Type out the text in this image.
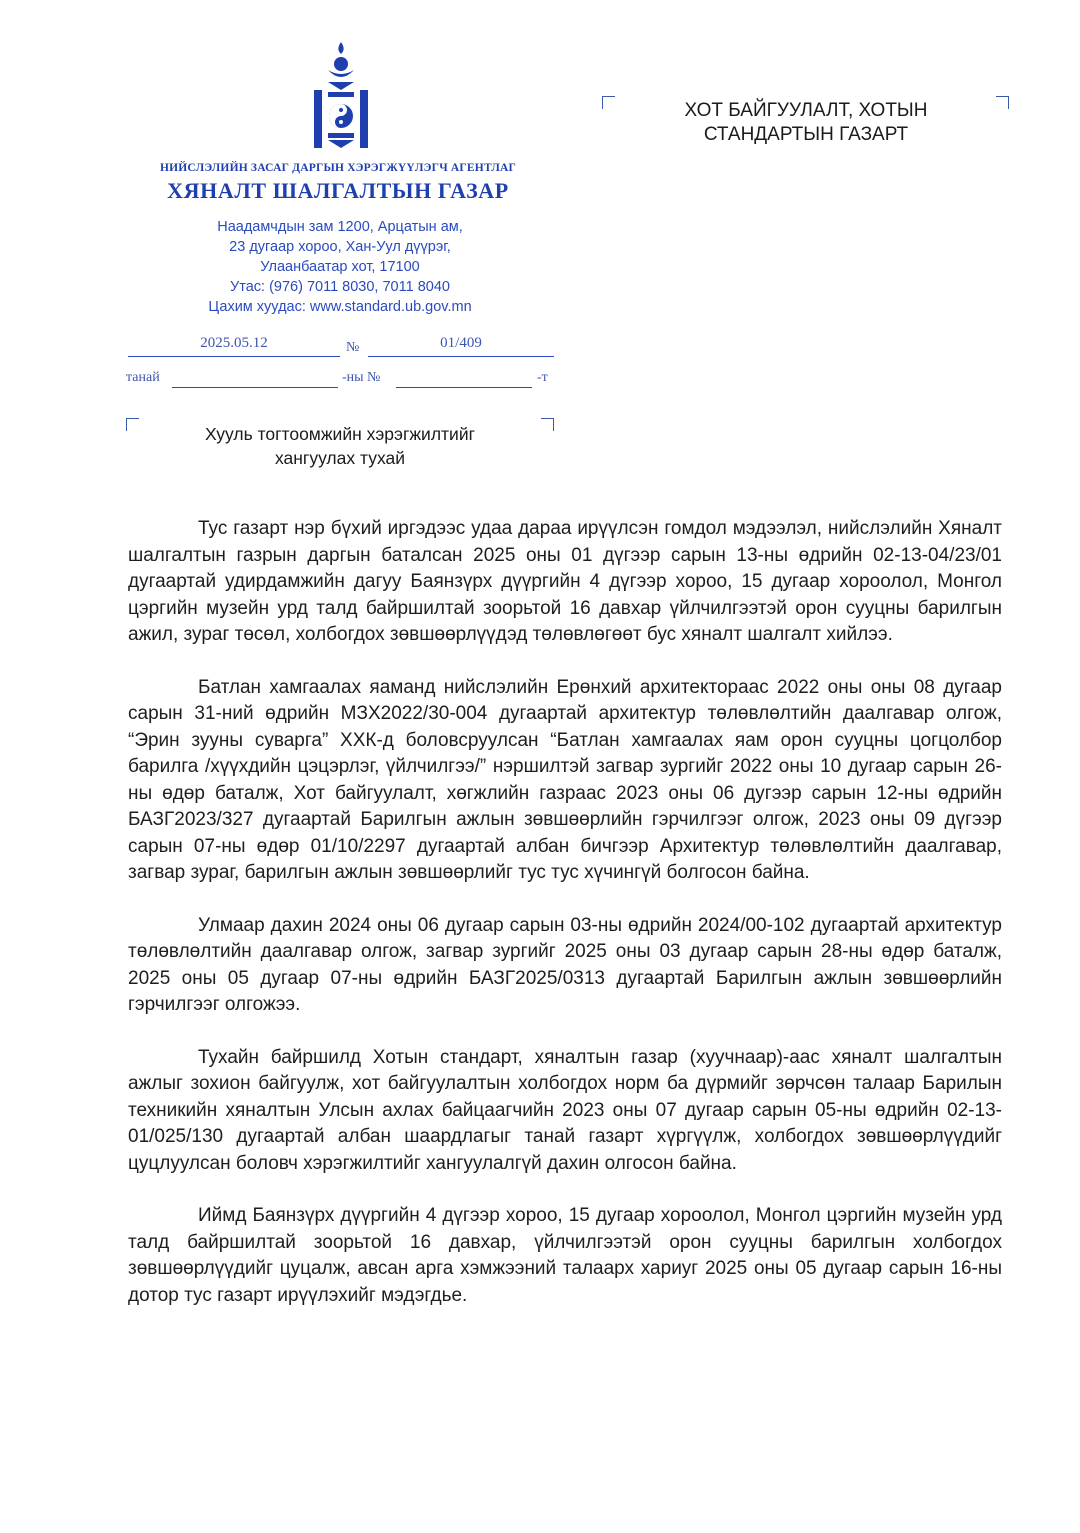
НИЙСЛЭЛИЙН ЗАСАГ ДАРГЫН ХЭРЭГЖҮҮЛЭГЧ АГЕНТЛАГ
ХЯНАЛТ ШАЛГАЛТЫН ГАЗАР
Наадамчдын зам 1200, Арцатын ам,
23 дугаар хороо, Хан-Уул дүүрэг,
Улаанбаатар хот, 17100
Утас: (976) 7011 8030, 7011 8040
Цахим хуудас: www.standard.ub.gov.mn
2025.05.12	№	01/409
танай	-ны №	-т
ХОТ БАЙГУУЛАЛТ, ХОТЫН
СТАНДАРТЫН ГАЗАРТ
Хууль тогтоомжийн хэрэгжилтийг
хангуулах тухай

Тус газарт нэр бүхий иргэдээс удаа дараа ирүүлсэн гомдол мэдээлэл, нийслэлийн Хяналт шалгалтын газрын даргын баталсан 2025 оны 01 дүгээр сарын 13-ны өдрийн 02-13-04/23/01 дугаартай удирдамжийн дагуу Баянзүрх дүүргийн 4 дүгээр хороо, 15 дугаар хороолол, Монгол цэргийн музейн урд талд байршилтай зоорьтой 16 давхар үйлчилгээтэй орон сууцны барилгын ажил, зураг төсөл, холбогдох зөвшөөрлүүдэд төлөвлөгөөт бус хяналт шалгалт хийлээ.

Батлан хамгаалах яаманд нийслэлийн Ерөнхий архитектораас 2022 оны оны 08 дугаар сарын 31-ний өдрийн МЗХ2022/30-004 дугаартай архитектур төлөвлөлтийн даалгавар олгож, “Эрин зууны суварга” ХХК-д боловсруулсан “Батлан хамгаалах яам орон сууцны цогцолбор барилга /хүүхдийн цэцэрлэг, үйлчилгээ/” нэршилтэй загвар зургийг 2022 оны 10 дугаар сарын 26-ны өдөр баталж, Хот байгуулалт, хөгжлийн газраас 2023 оны 06 дугээр сарын 12-ны өдрийн БАЗГ2023/327 дугаартай Барилгын ажлын зөвшөөрлийн гэрчилгээг олгож, 2023 оны 09 дүгээр сарын 07-ны өдөр 01/10/2297 дугаартай албан бичгээр Архитектур төлөвлөлтийн даалгавар, загвар зураг, барилгын ажлын зөвшөөрлийг тус тус хүчингүй болгосон байна.

Улмаар дахин 2024 оны 06 дугаар сарын 03-ны өдрийн 2024/00-102 дугаартай архитектур төлөвлөлтийн даалгавар олгож, загвар зургийг 2025 оны 03 дугаар сарын 28-ны өдөр баталж, 2025 оны 05 дугаар 07-ны өдрийн БАЗГ2025/0313 дугаартай Барилгын ажлын зөвшөөрлийн гэрчилгээг олгожээ.

Тухайн байршилд Хотын стандарт, хяналтын газар (хуучнаар)-аас хяналт шалгалтын ажлыг зохион байгуулж, хот байгуулалтын холбогдох норм ба дүрмийг зөрчсөн талаар Барилын техникийн хяналтын Улсын ахлах байцаагчийн 2023 оны 07 дугаар сарын 05-ны өдрийн 02-13-01/025/130 дугаартай албан шаардлагыг танай газарт хүргүүлж, холбогдох зөвшөөрлүүдийг цуцлуулсан боловч хэрэгжилтийг хангуулалгүй дахин олгосон байна.

Иймд Баянзүрх дүүргийн 4 дүгээр хороо, 15 дугаар хороолол, Монгол цэргийн музейн урд талд байршилтай зоорьтой 16 давхар, үйлчилгээтэй орон сууцны барилгын холбогдох зөвшөөрлүүдийг цуцалж, авсан арга хэмжээний талаарх хариуг 2025 оны 05 дугаар сарын 16-ны дотор тус газарт ирүүлэхийг мэдэгдье.
